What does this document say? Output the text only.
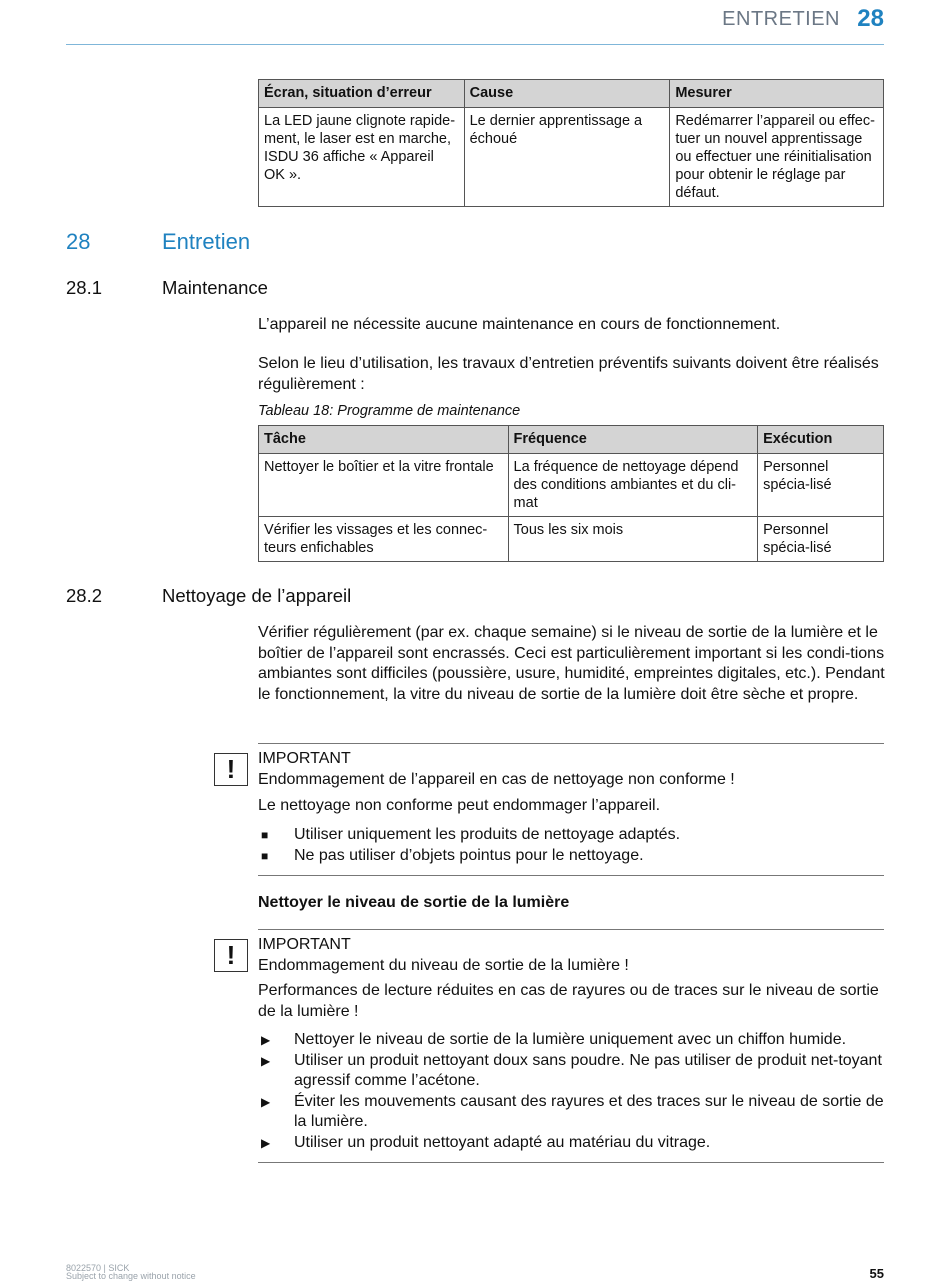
ENTRETIEN 28
Écran, situation d’erreur	Cause	Mesurer
La LED jaune clignote rapide-ment, le laser est en marche, ISDU 36 affiche « Appareil OK ».	Le dernier apprentissage a échoué	Redémarrer l’appareil ou effec-tuer un nouvel apprentissage ou effectuer une réinitialisation pour obtenir le réglage par défaut.
28	Entretien
28.1	Maintenance
L’appareil ne nécessite aucune maintenance en cours de fonctionnement.
Selon le lieu d’utilisation, les travaux d’entretien préventifs suivants doivent être réalisés régulièrement :
Tableau 18: Programme de maintenance
Tâche	Fréquence	Exécution
Nettoyer le boîtier et la vitre frontale	La fréquence de nettoyage dépend des conditions ambiantes et du cli-mat	Personnel spécia-lisé
Vérifier les vissages et les connec-teurs enfichables	Tous les six mois	Personnel spécia-lisé
28.2	Nettoyage de l’appareil
Vérifier régulièrement (par ex. chaque semaine) si le niveau de sortie de la lumière et le boîtier de l’appareil sont encrassés. Ceci est particulièrement important si les condi-tions ambiantes sont difficiles (poussière, usure, humidité, empreintes digitales, etc.). Pendant le fonctionnement, la vitre du niveau de sortie de la lumière doit être sèche et propre.
!	IMPORTANT
Endommagement de l’appareil en cas de nettoyage non conforme !
Le nettoyage non conforme peut endommager l’appareil.
■ Utiliser uniquement les produits de nettoyage adaptés.
■ Ne pas utiliser d’objets pointus pour le nettoyage.
Nettoyer le niveau de sortie de la lumière
!	IMPORTANT
Endommagement du niveau de sortie de la lumière !
Performances de lecture réduites en cas de rayures ou de traces sur le niveau de sortie de la lumière !
▶ Nettoyer le niveau de sortie de la lumière uniquement avec un chiffon humide.
▶ Utiliser un produit nettoyant doux sans poudre. Ne pas utiliser de produit net-toyant agressif comme l’acétone.
▶ Éviter les mouvements causant des rayures et des traces sur le niveau de sortie de la lumière.
▶ Utiliser un produit nettoyant adapté au matériau du vitrage.
8022570 | SICK
Subject to change without notice	55
